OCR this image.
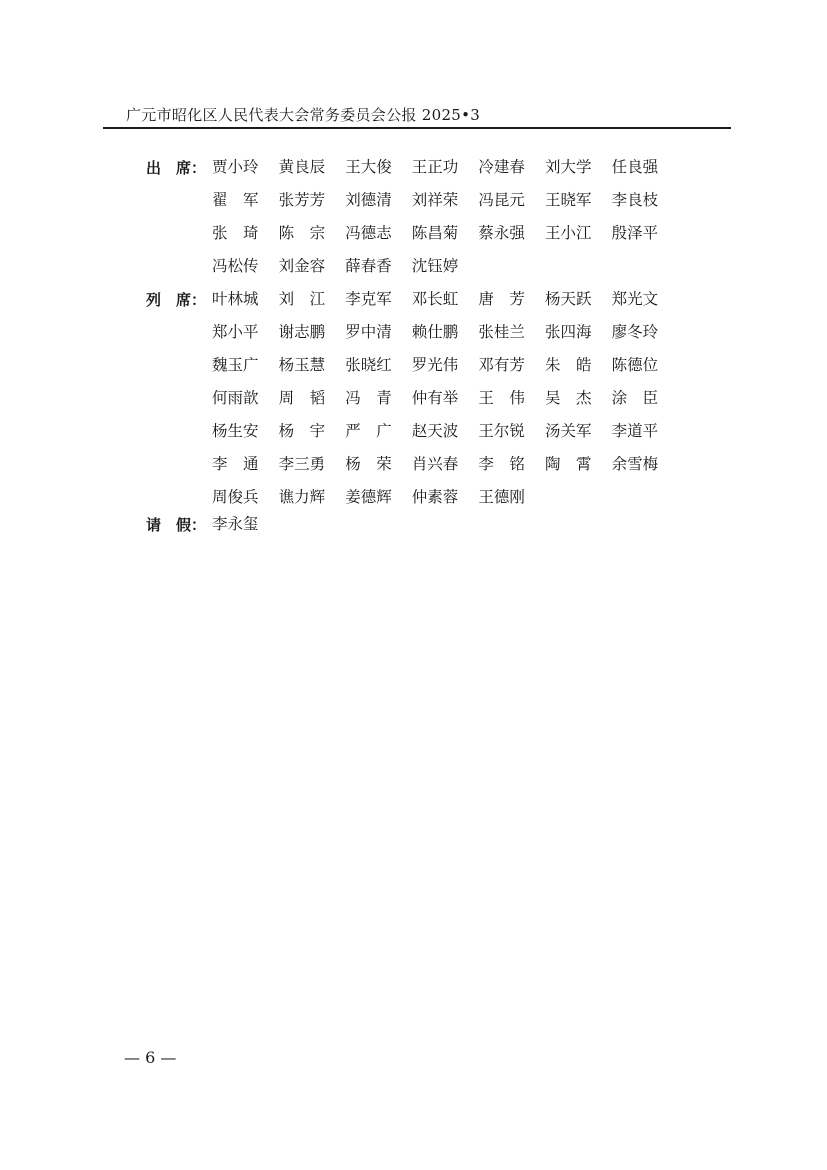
广元市昭化区人民代表大会常务委员会公报 2025•3
出　席： 贾小玲 黄良辰 王大俊 王正功 冷建春 刘大学 任良强翟　军 张芳芳 刘德清 刘祥荣 冯昆元 王晓军 李良枝张　琦 陈　宗 冯德志 陈昌菊 蔡永强 王小江 殷泽平冯松传 刘金容 薛春香 沈钰婷
列　席： 叶林城 刘　江 李克军 邓长虹 唐　芳 杨天跃 郑光文郑小平 谢志鹏 罗中清 赖仕鹏 张桂兰 张四海 廖冬玲魏玉广 杨玉慧 张晓红 罗光伟 邓有芳 朱　皓 陈德位何雨歆 周　韬 冯　青 仲有举 王　伟 吴　杰 涂　臣杨生安 杨　宇 严　广 赵天波 王尔锐 汤关军 李道平李　通 李三勇 杨　荣 肖兴春 李　铭 陶　霄 余雪梅周俊兵 谯力辉 姜德辉 仲素蓉 王德刚
请　假： 李永玺
— 6 —
